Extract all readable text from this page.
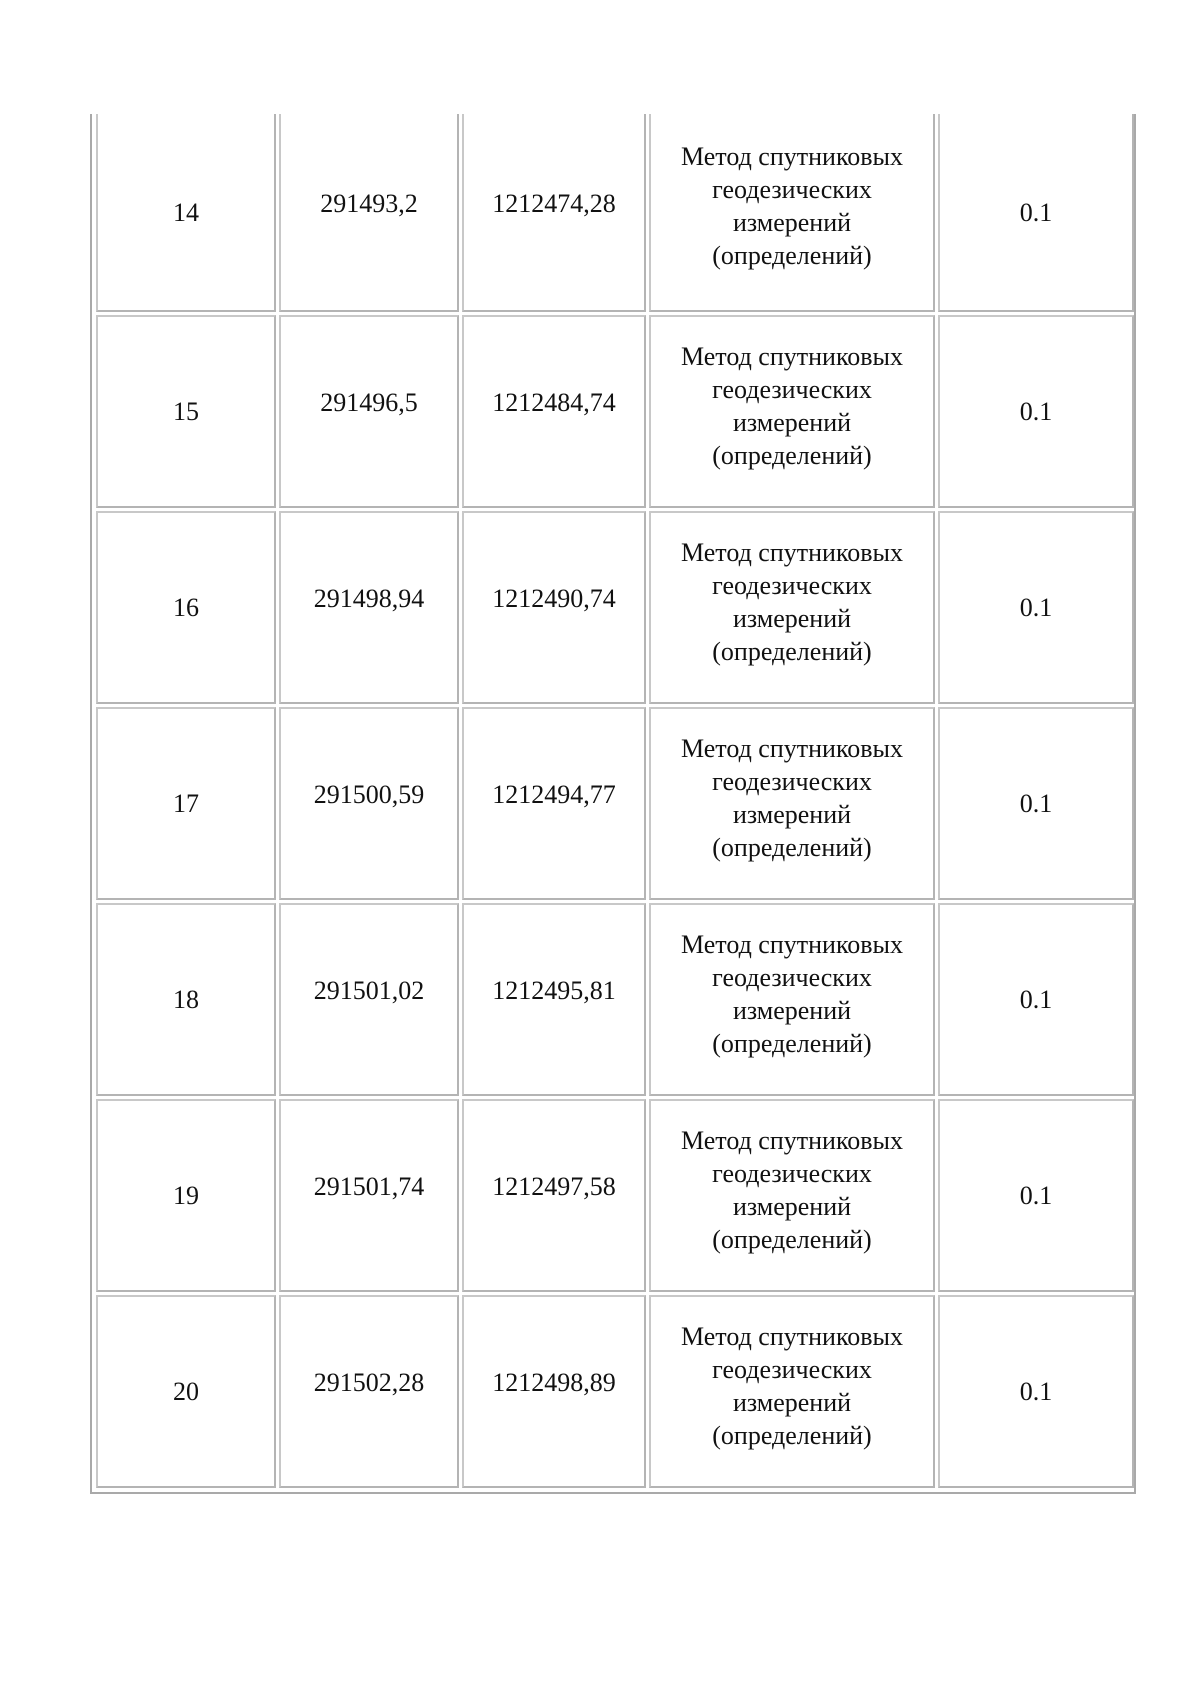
14	291493,2	1212474,28	Метод спутниковых геодезических измерений (определений)	0.1
15	291496,5	1212484,74	Метод спутниковых геодезических измерений (определений)	0.1
16	291498,94	1212490,74	Метод спутниковых геодезических измерений (определений)	0.1
17	291500,59	1212494,77	Метод спутниковых геодезических измерений (определений)	0.1
18	291501,02	1212495,81	Метод спутниковых геодезических измерений (определений)	0.1
19	291501,74	1212497,58	Метод спутниковых геодезических измерений (определений)	0.1
20	291502,28	1212498,89	Метод спутниковых геодезических измерений (определений)	0.1
